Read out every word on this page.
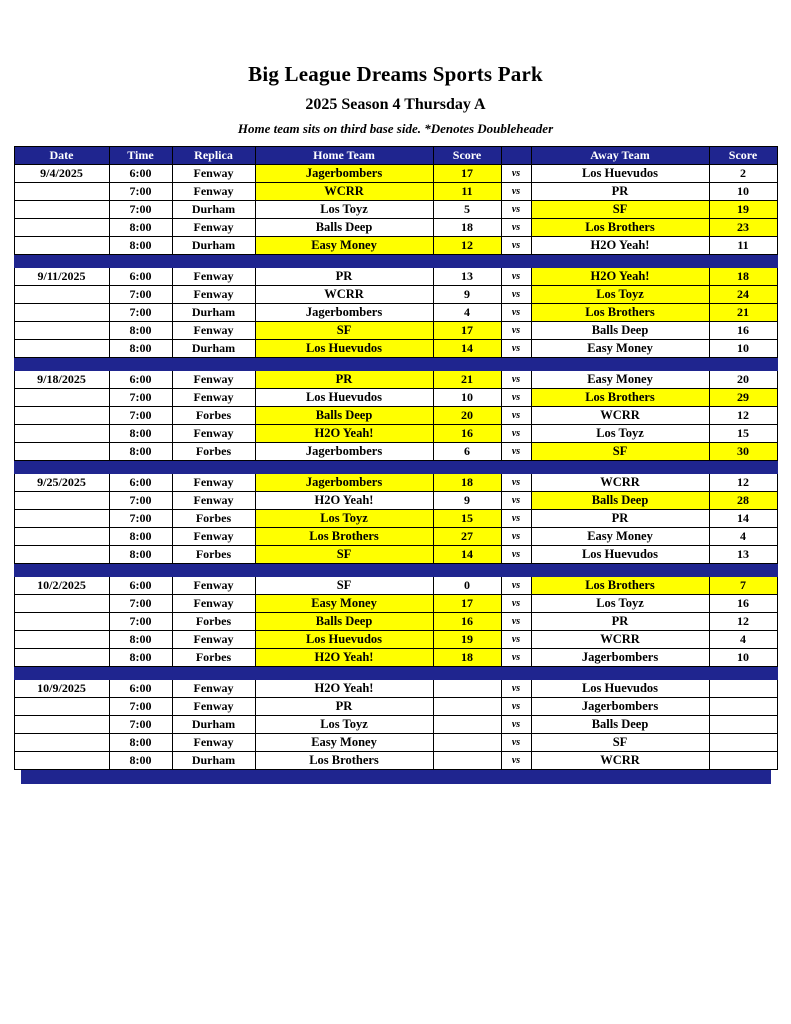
Big League Dreams Sports Park
2025 Season 4 Thursday A
Home team sits on third base side. *Denotes Doubleheader
Date	Time	Replica	Home Team	Score		Away Team	Score
9/4/2025	6:00	Fenway	Jagerbombers	17	vs	Los Huevudos	2
	7:00	Fenway	WCRR	11	vs	PR	10
	7:00	Durham	Los Toyz	5	vs	SF	19
	8:00	Fenway	Balls Deep	18	vs	Los Brothers	23
	8:00	Durham	Easy Money	12	vs	H2O Yeah!	11

9/11/2025	6:00	Fenway	PR	13	vs	H2O Yeah!	18
	7:00	Fenway	WCRR	9	vs	Los Toyz	24
	7:00	Durham	Jagerbombers	4	vs	Los Brothers	21
	8:00	Fenway	SF	17	vs	Balls Deep	16
	8:00	Durham	Los Huevudos	14	vs	Easy Money	10

9/18/2025	6:00	Fenway	PR	21	vs	Easy Money	20
	7:00	Fenway	Los Huevudos	10	vs	Los Brothers	29
	7:00	Forbes	Balls Deep	20	vs	WCRR	12
	8:00	Fenway	H2O Yeah!	16	vs	Los Toyz	15
	8:00	Forbes	Jagerbombers	6	vs	SF	30

9/25/2025	6:00	Fenway	Jagerbombers	18	vs	WCRR	12
	7:00	Fenway	H2O Yeah!	9	vs	Balls Deep	28
	7:00	Forbes	Los Toyz	15	vs	PR	14
	8:00	Fenway	Los Brothers	27	vs	Easy Money	4
	8:00	Forbes	SF	14	vs	Los Huevudos	13

10/2/2025	6:00	Fenway	SF	0	vs	Los Brothers	7
	7:00	Fenway	Easy Money	17	vs	Los Toyz	16
	7:00	Forbes	Balls Deep	16	vs	PR	12
	8:00	Fenway	Los Huevudos	19	vs	WCRR	4
	8:00	Forbes	H2O Yeah!	18	vs	Jagerbombers	10

10/9/2025	6:00	Fenway	H2O Yeah!		vs	Los Huevudos	
	7:00	Fenway	PR		vs	Jagerbombers	
	7:00	Durham	Los Toyz		vs	Balls Deep	
	8:00	Fenway	Easy Money		vs	SF	
	8:00	Durham	Los Brothers		vs	WCRR	
